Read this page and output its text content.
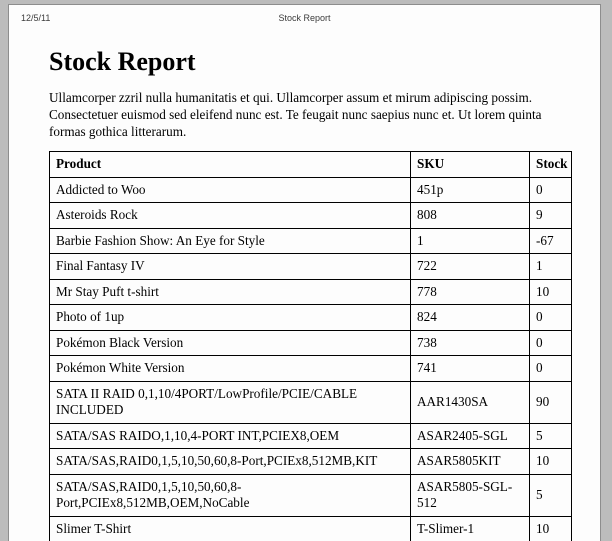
12/5/11	Stock Report
Stock Report

Ullamcorper zzril nulla humanitatis et qui. Ullamcorper assum et mirum adipiscing possim. Consectetuer euismod sed eleifend nunc est. Te feugait nunc saepius nunc et. Ut lorem quinta formas gothica litterarum.

Product	SKU	Stock
Addicted to Woo	451p	0
Asteroids Rock	808	9
Barbie Fashion Show: An Eye for Style	1	-67
Final Fantasy IV	722	1
Mr Stay Puft t-shirt	778	10
Photo of 1up	824	0
Pokémon Black Version	738	0
Pokémon White Version	741	0
SATA II RAID 0,1,10/4PORT/LowProfile/PCIE/CABLE INCLUDED	AAR1430SA	90
SATA/SAS RAIDO,1,10,4-PORT INT,PCIEX8,OEM	ASAR2405-SGL	5
SATA/SAS,RAID0,1,5,10,50,60,8-Port,PCIEx8,512MB,KIT	ASAR5805KIT	10
SATA/SAS,RAID0,1,5,10,50,60,8-Port,PCIEx8,512MB,OEM,NoCable	ASAR5805-SGL-512	5
Slimer T-Shirt	T-Slimer-1	10
